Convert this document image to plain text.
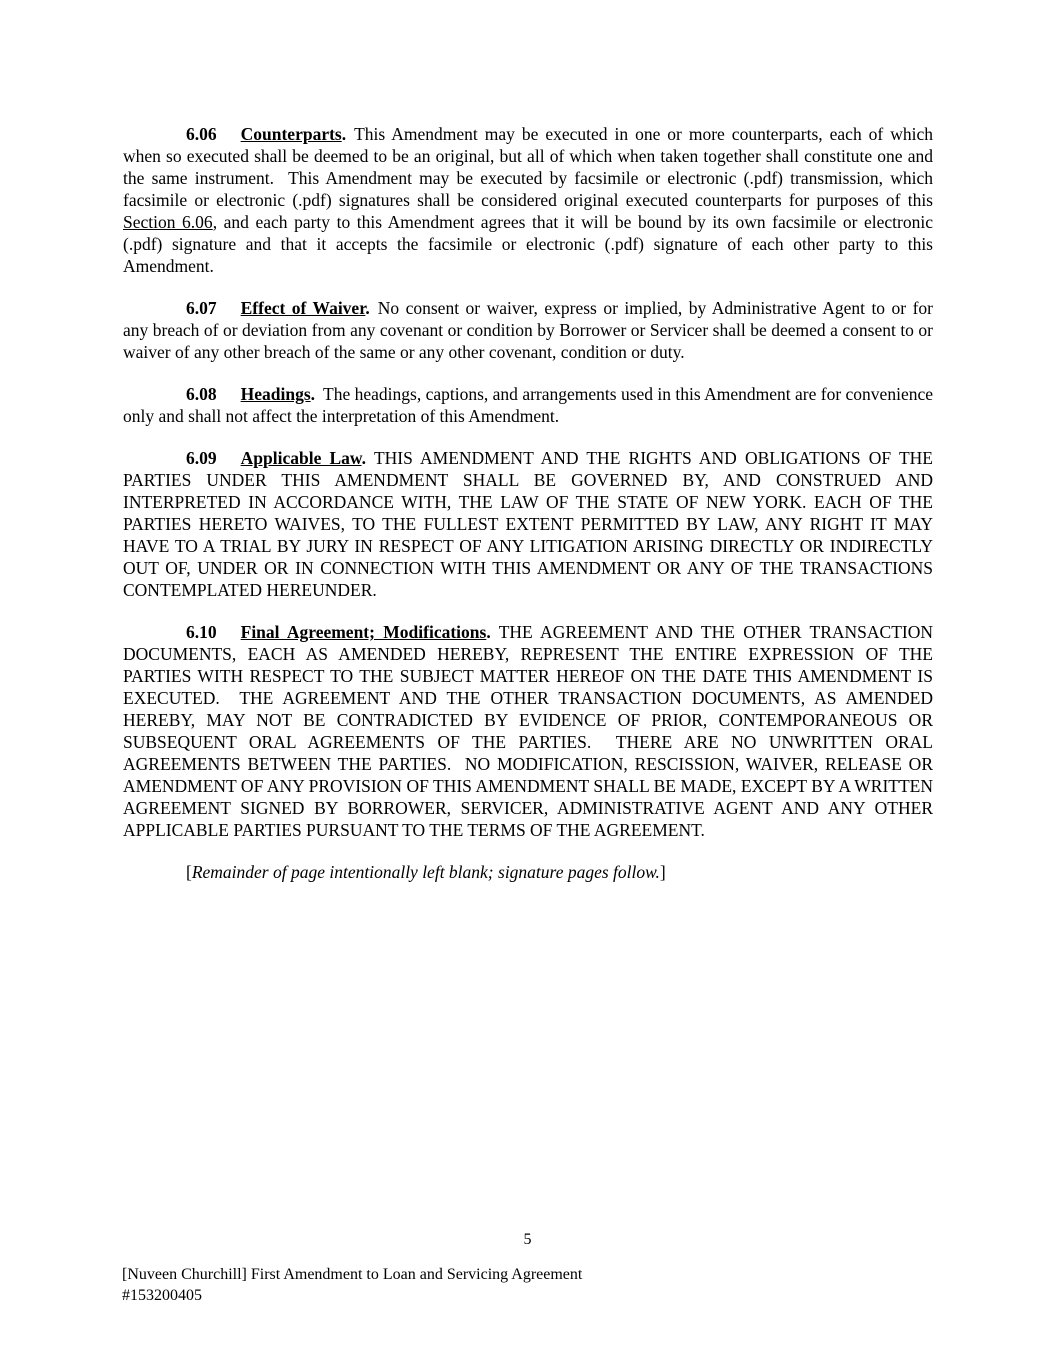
6.06 Counterparts. This Amendment may be executed in one or more counterparts, each of which when so executed shall be deemed to be an original, but all of which when taken together shall constitute one and the same instrument.  This Amendment may be executed by facsimile or electronic (.pdf) transmission, which facsimile or electronic (.pdf) signatures shall be considered original executed counterparts for purposes of this Section 6.06, and each party to this Amendment agrees that it will be bound by its own facsimile or electronic (.pdf) signature and that it accepts the facsimile or electronic (.pdf) signature of each other party to this Amendment.

6.07 Effect of Waiver. No consent or waiver, express or implied, by Administrative Agent to or for any breach of or deviation from any covenant or condition by Borrower or Servicer shall be deemed a consent to or waiver of any other breach of the same or any other covenant, condition or duty.

6.08 Headings. The headings, captions, and arrangements used in this Amendment are for convenience only and shall not affect the interpretation of this Amendment.

6.09 Applicable Law. THIS AMENDMENT AND THE RIGHTS AND OBLIGATIONS OF THE PARTIES UNDER THIS AMENDMENT SHALL BE GOVERNED BY, AND CONSTRUED AND INTERPRETED IN ACCORDANCE WITH, THE LAW OF THE STATE OF NEW YORK. EACH OF THE PARTIES HERETO WAIVES, TO THE FULLEST EXTENT PERMITTED BY LAW, ANY RIGHT IT MAY HAVE TO A TRIAL BY JURY IN RESPECT OF ANY LITIGATION ARISING DIRECTLY OR INDIRECTLY OUT OF, UNDER OR IN CONNECTION WITH THIS AMENDMENT OR ANY OF THE TRANSACTIONS CONTEMPLATED HEREUNDER.

6.10 Final Agreement; Modifications. THE AGREEMENT AND THE OTHER TRANSACTION DOCUMENTS, EACH AS AMENDED HEREBY, REPRESENT THE ENTIRE EXPRESSION OF THE PARTIES WITH RESPECT TO THE SUBJECT MATTER HEREOF ON THE DATE THIS AMENDMENT IS EXECUTED.  THE AGREEMENT AND THE OTHER TRANSACTION DOCUMENTS, AS AMENDED HEREBY, MAY NOT BE CONTRADICTED BY EVIDENCE OF PRIOR, CONTEMPORANEOUS OR SUBSEQUENT ORAL AGREEMENTS OF THE PARTIES.  THERE ARE NO UNWRITTEN ORAL AGREEMENTS BETWEEN THE PARTIES.  NO MODIFICATION, RESCISSION, WAIVER, RELEASE OR AMENDMENT OF ANY PROVISION OF THIS AMENDMENT SHALL BE MADE, EXCEPT BY A WRITTEN AGREEMENT SIGNED BY BORROWER, SERVICER, ADMINISTRATIVE AGENT AND ANY OTHER APPLICABLE PARTIES PURSUANT TO THE TERMS OF THE AGREEMENT.

[Remainder of page intentionally left blank; signature pages follow.]

5
[Nuveen Churchill] First Amendment to Loan and Servicing Agreement
#153200405
